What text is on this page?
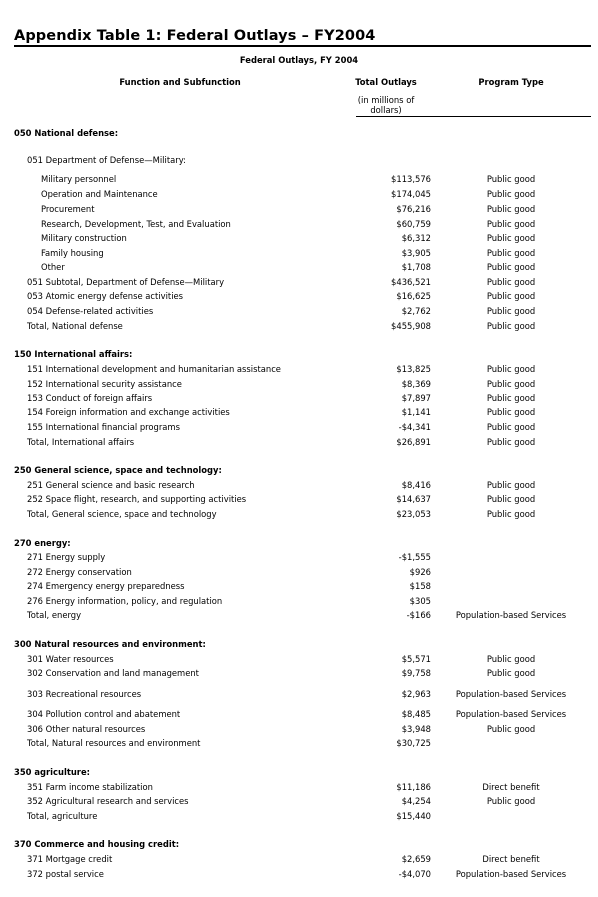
Appendix Table 1: Federal Outlays – FY2004
Federal Outlays, FY 2004
Function and Subfunction	Total Outlays	Program Type
(in millions of dollars)
050 National defense:
051 Department of Defense—Military:
Military personnel	$113,576	Public good
Operation and Maintenance	$174,045	Public good
Procurement	$76,216	Public good
Research, Development, Test, and Evaluation	$60,759	Public good
Military construction	$6,312	Public good
Family housing	$3,905	Public good
Other	$1,708	Public good
051 Subtotal, Department of Defense—Military	$436,521	Public good
053 Atomic energy defense activities	$16,625	Public good
054 Defense-related activities	$2,762	Public good
Total, National defense	$455,908	Public good
150 International affairs:
151 International development and humanitarian assistance	$13,825	Public good
152 International security assistance	$8,369	Public good
153 Conduct of foreign affairs	$7,897	Public good
154 Foreign information and exchange activities	$1,141	Public good
155 International financial programs	-$4,341	Public good
Total, International affairs	$26,891	Public good
250 General science, space and technology:
251 General science and basic research	$8,416	Public good
252 Space flight, research, and supporting activities	$14,637	Public good
Total, General science, space and technology	$23,053	Public good
270 energy:
271 Energy supply	-$1,555
272 Energy conservation	$926
274 Emergency energy preparedness	$158
276 Energy information, policy, and regulation	$305
Total, energy	-$166	Population-based Services
300 Natural resources and environment:
301 Water resources	$5,571	Public good
302 Conservation and land management	$9,758	Public good
303 Recreational resources	$2,963	Population-based Services
304 Pollution control and abatement	$8,485	Population-based Services
306 Other natural resources	$3,948	Public good
Total, Natural resources and environment	$30,725
350 agriculture:
351 Farm income stabilization	$11,186	Direct benefit
352 Agricultural research and services	$4,254	Public good
Total, agriculture	$15,440
370 Commerce and housing credit:
371 Mortgage credit	$2,659	Direct benefit
372 postal service	-$4,070	Population-based Services
